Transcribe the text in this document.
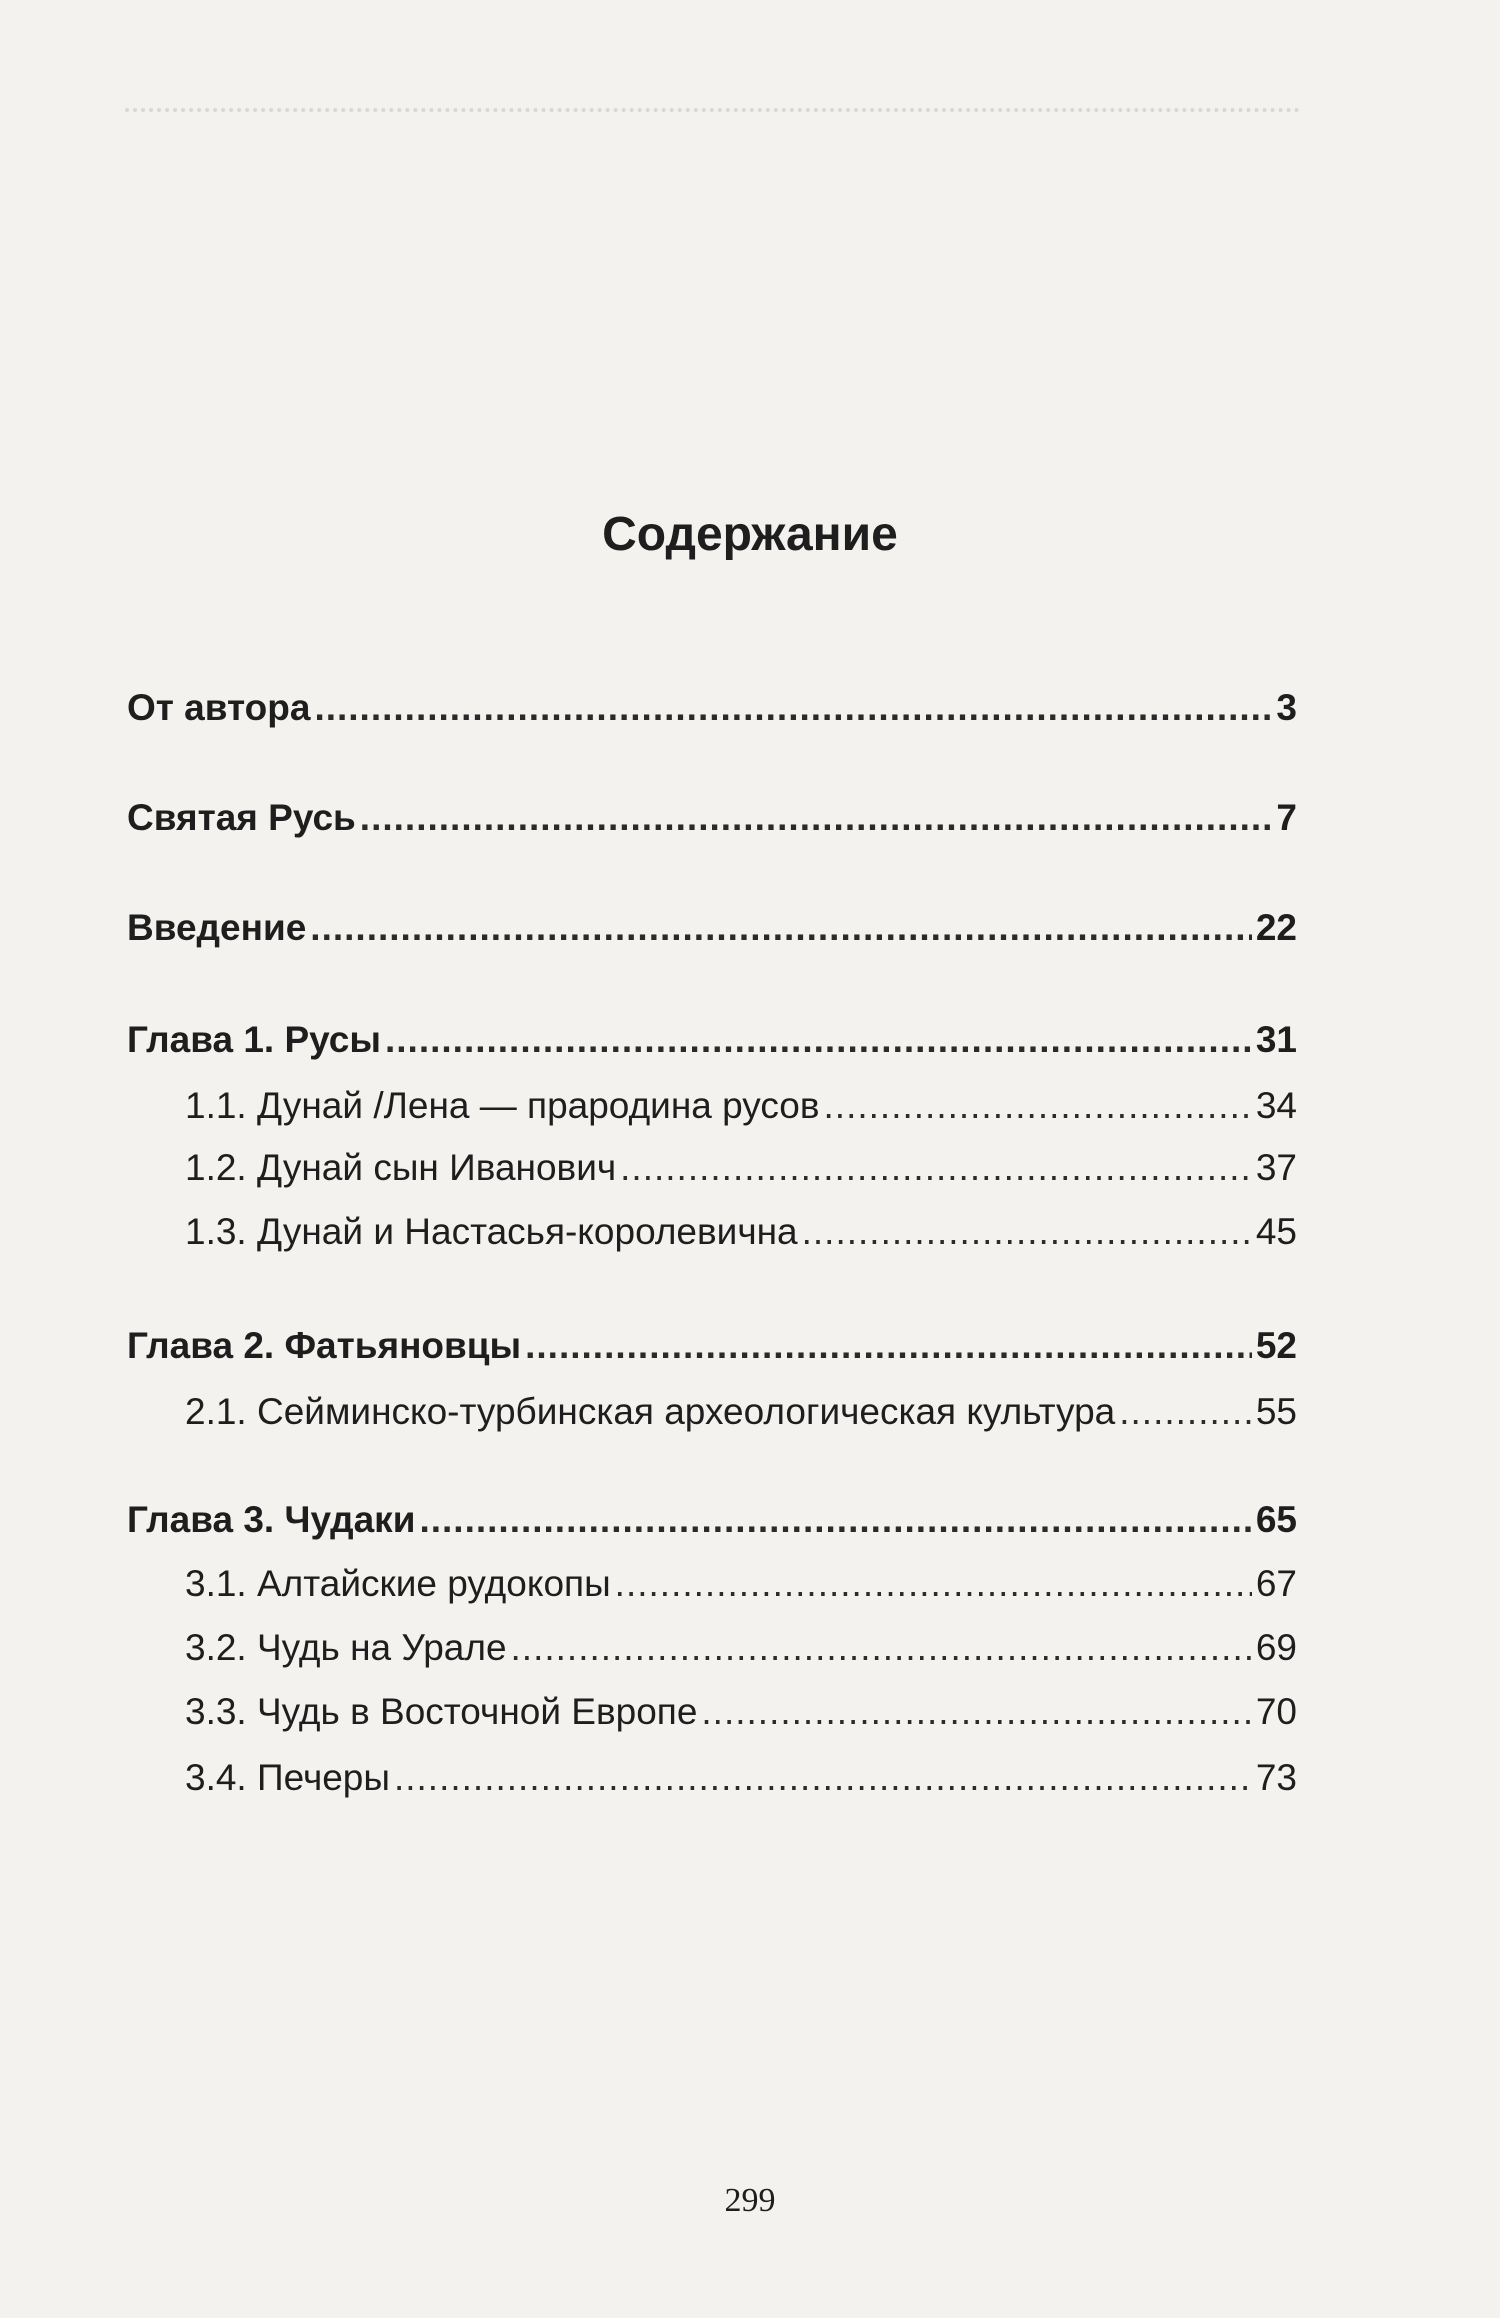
Содержание
От автора .....	3
Святая Русь .....	7
Введение .....	22
Глава 1. Русы .....	31
1.1. Дунай /Лена — прародина русов .....	34
1.2. Дунай сын Иванович .....	37
1.3. Дунай и Настасья-королевична .....	45
Глава 2. Фатьяновцы .....	52
2.1. Сейминско-турбинская археологическая культура .....	55
Глава 3. Чудаки .....	65
3.1. Алтайские рудокопы .....	67
3.2. Чудь на Урале .....	69
3.3. Чудь в Восточной Европе .....	70
3.4. Печеры .....	73
299
